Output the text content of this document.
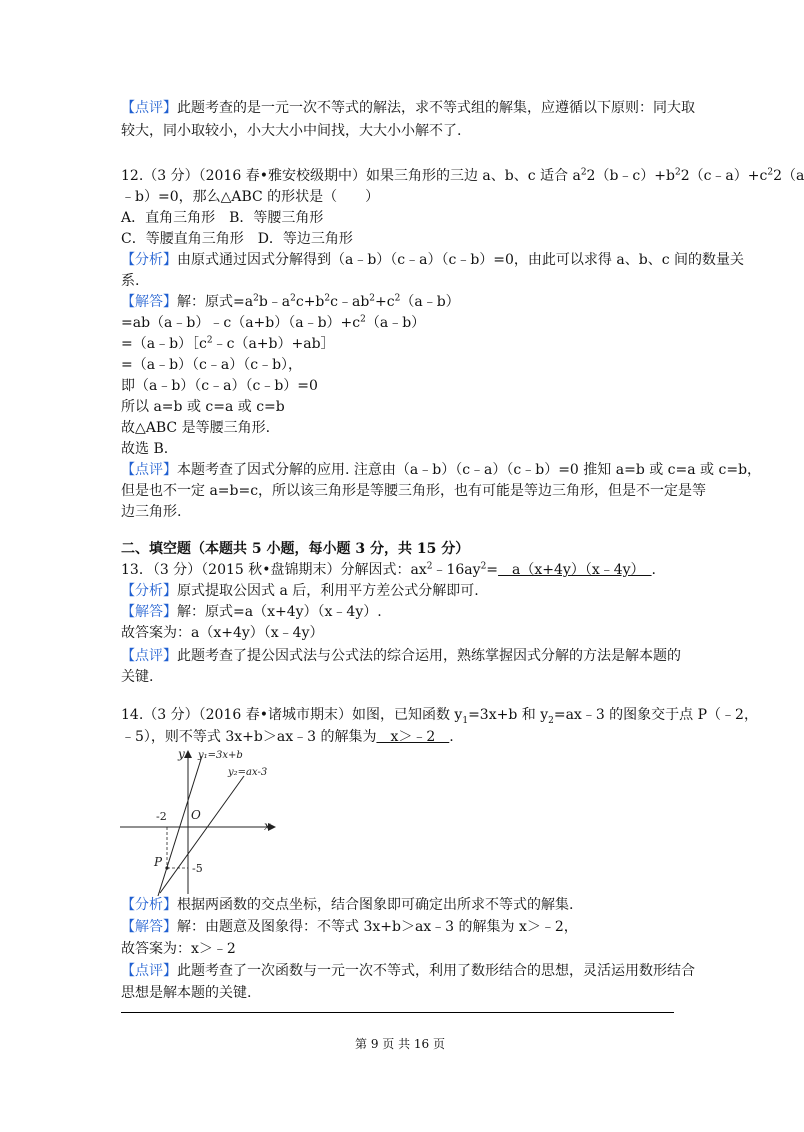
【点评】此题考查的是一元一次不等式的解法，求不等式组的解集，应遵循以下原则：同大取
较大，同小取较小，小大大小中间找，大大小小解不了.
12.（3 分）（2016 春•雅安校级期中）如果三角形的三边 a、b、c 适合 $a^22(b﹣c)+b^22(c﹣a)+c^22(a$
﹣b）=0，那么△ABC 的形状是（　　）
A．直角三角形　B．等腰三角形
C．等腰直角三角形　D．等边三角形
【分析】由原式通过因式分解得到（a﹣b）（c﹣a）（c﹣b）=0，由此可以求得 a、b、c 间的数量关
系.
【解答】解：原式$=a^2b﹣a^2c+b^2c﹣ab^2+c^2(a﹣b)$
$=ab(a﹣b)﹣c(a+b)(a﹣b)+c^2(a﹣b)$
$=(a﹣b)[c^2﹣c(a+b)+ab]$
=（a﹣b）（c﹣a）（c﹣b），
即（a﹣b）（c﹣a）（c﹣b）=0
所以 a=b 或 c=a 或 c=b
故△ABC 是等腰三角形.
故选 B.
【点评】本题考查了因式分解的应用. 注意由（a﹣b）（c﹣a）（c﹣b）=0 推知 a=b 或 c=a 或 c=b，
但是也不一定 a=b=c，所以该三角形是等腰三角形，也有可能是等边三角形，但是不一定是等
边三角形.
二、填空题（本题共 5 小题，每小题 3 分，共 15 分）
13．（3 分）（2015 秋•盘锦期末）分解因式：$ax^2﹣16ay^2=$　a（x+4y）（x﹣4y）　.
【分析】原式提取公因式 a 后，利用平方差公式分解即可.
【解答】解：原式=a（x+4y）（x﹣4y）.
故答案为：a（x+4y）（x﹣4y）
【点评】此题考查了提公因式法与公式法的综合运用，熟练掌握因式分解的方法是解本题的
关键.
14.（3 分）（2016 春•诸城市期末）如图，已知函数 $y_1=3x+b$ 和 $y_2=ax﹣3$ 的图象交于点 P（﹣2，
﹣5），则不等式 3x+b＞ax﹣3 的解集为　x＞﹣2　.
y y₁=3x+b
y₂=ax-3
x
O
-2
-5
P
【分析】根据两函数的交点坐标，结合图象即可确定出所求不等式的解集.
【解答】解：由题意及图象得：不等式 3x+b＞ax﹣3 的解集为 x＞﹣2，
故答案为：x＞﹣2
【点评】此题考查了一次函数与一元一次不等式，利用了数形结合的思想，灵活运用数形结合
思想是解本题的关键.
第 9 页 共 16 页
